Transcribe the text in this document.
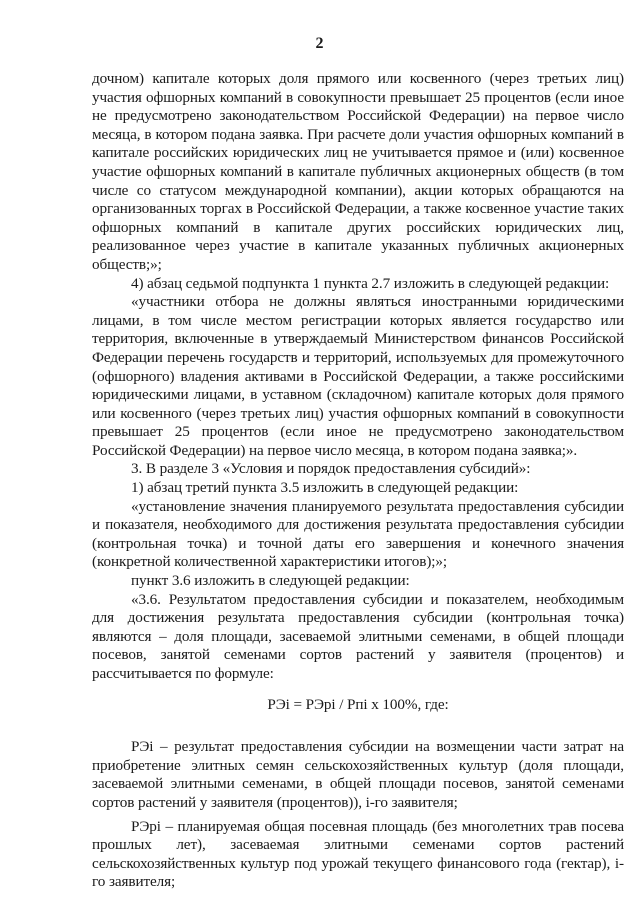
2

дочном) капитале которых доля прямого или косвенного (через третьих лиц) участия офшорных компаний в совокупности превышает 25 процентов (если иное не предусмотрено законодательством Российской Федерации) на первое число месяца, в котором подана заявка. При расчете доли участия офшорных компаний в капитале российских юридических лиц не учитывается прямое и (или) косвенное участие офшорных компаний в капитале публичных акционерных обществ (в том числе со статусом международной компании), акции которых обращаются на организованных торгах в Российской Федерации, а также косвенное участие таких офшорных компаний в капитале других российских юридических лиц, реализованное через участие в капитале указанных публичных акционерных обществ;»;

4) абзац седьмой подпункта 1 пункта 2.7 изложить в следующей редакции:

«участники отбора не должны являться иностранными юридическими лицами, в том числе местом регистрации которых является государство или территория, включенные в утверждаемый Министерством финансов Российской Федерации перечень государств и территорий, используемых для промежуточного (офшорного) владения активами в Российской Федерации, а также российскими юридическими лицами, в уставном (складочном) капитале которых доля прямого или косвенного (через третьих лиц) участия офшорных компаний в совокупности превышает 25 процентов (если иное не предусмотрено законодательством Российской Федерации) на первое число месяца, в котором подана заявка;».

3. В разделе 3 «Условия и порядок предоставления субсидий»:

1) абзац третий пункта 3.5 изложить в следующей редакции:

«установление значения планируемого результата предоставления субсидии и показателя, необходимого для достижения результата предоставления субсидии (контрольная точка) и точной даты его завершения и конечного значения (конкретной количественной характеристики итогов);»;

пункт 3.6 изложить в следующей редакции:

«3.6. Результатом предоставления субсидии и показателем, необходимым для достижения результата предоставления субсидии (контрольная точка) являются – доля площади, засеваемой элитными семенами, в общей площади посевов, занятой семенами сортов растений у заявителя (процентов) и рассчитывается по формуле:

РЭi = РЭрi / Рпi x 100%, где:

РЭi – результат предоставления субсидии на возмещении части затрат на приобретение элитных семян сельскохозяйственных культур (доля площади, засеваемой элитными семенами, в общей площади посевов, занятой семенами сортов растений у заявителя (процентов)), i-го заявителя;

РЭрi – планируемая общая посевная площадь (без многолетних трав посева прошлых лет), засеваемая элитными семенами сортов растений сельскохозяйственных культур под урожай текущего финансового года (гектар), i-го заявителя;
